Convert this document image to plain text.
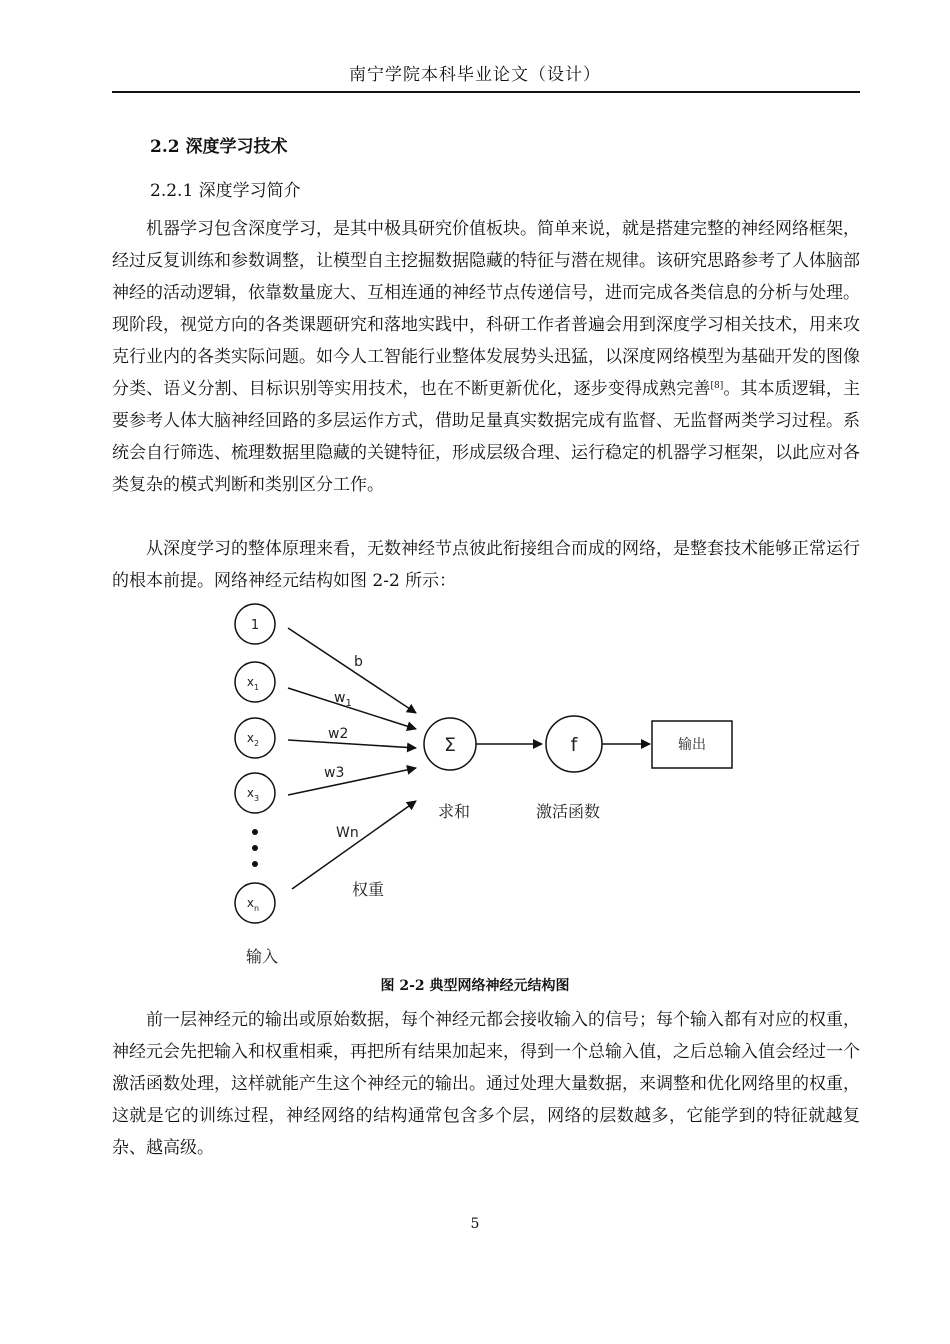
南宁学院本科毕业论文（设计）
2.2 深度学习技术
2.2.1 深度学习简介

机器学习包含深度学习，是其中极具研究价值板块。简单来说，就是搭建完整的神经网络框架，经过反复训练和参数调整，让模型自主挖掘数据隐藏的特征与潜在规律。该研究思路参考了人体脑部神经的活动逻辑，依靠数量庞大、互相连通的神经节点传递信号，进而完成各类信息的分析与处理。现阶段，视觉方向的各类课题研究和落地实践中，科研工作者普遍会用到深度学习相关技术，用来攻克行业内的各类实际问题。如今人工智能行业整体发展势头迅猛，以深度网络模型为基础开发的图像分类、语义分割、目标识别等实用技术，也在不断更新优化，逐步变得成熟完善[8]。其本质逻辑，主要参考人体大脑神经回路的多层运作方式，借助足量真实数据完成有监督、无监督两类学习过程。系统会自行筛选、梳理数据里隐藏的关键特征，形成层级合理、运行稳定的机器学习框架，以此应对各类复杂的模式判断和类别区分工作。

从深度学习的整体原理来看，无数神经节点彼此衔接组合而成的网络，是整套技术能够正常运行的根本前提。网络神经元结构如图 2-2 所示：

1
$x_1$
$x_2$
$x_3$
$x_n$
b
$w_1$
w2
w3
Wn
Σ	f	输出
求和	激活函数
权重
输入
图 2-2 典型网络神经元结构图

前一层神经元的输出或原始数据，每个神经元都会接收输入的信号；每个输入都有对应的权重，神经元会先把输入和权重相乘，再把所有结果加起来，得到一个总输入值，之后总输入值会经过一个激活函数处理，这样就能产生这个神经元的输出。通过处理大量数据，来调整和优化网络里的权重，这就是它的训练过程，神经网络的结构通常包含多个层，网络的层数越多，它能学到的特征就越复杂、越高级。

5
